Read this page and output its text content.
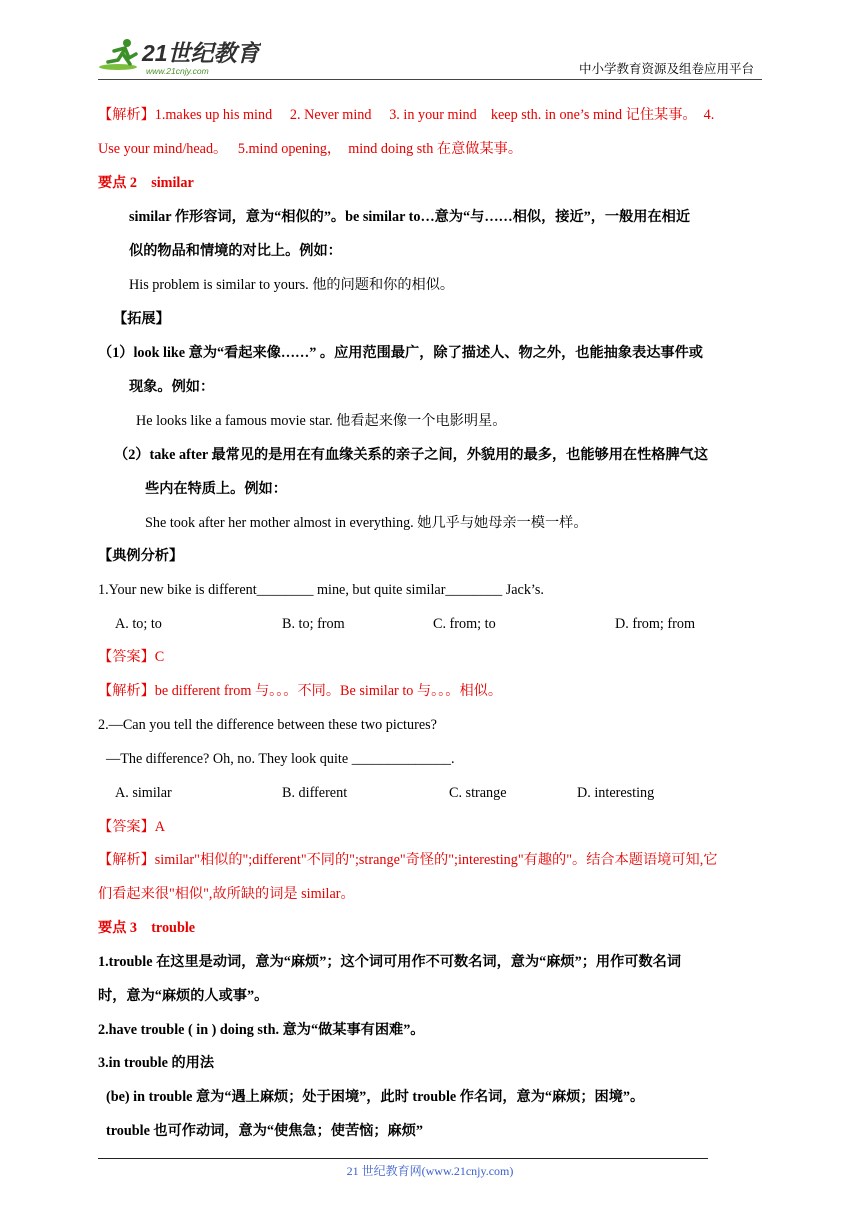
21世纪教育
www.21cnjy.com	中小学教育资源及组卷应用平台
【解析】1.makes up his mind　 2. Never mind　 3. in your mind　keep sth. in one’s mind 记住某事。　4.
Use your mind/head。　 5.mind opening，　mind doing sth 在意做某事。
要点 2　similar
similar 作形容词，意为“相似的”。be similar to…意为“与……相似，接近”，一般用在相近
似的物品和情境的对比上。例如：
His problem is similar to yours. 他的问题和你的相似。
【拓展】
（1）look like 意为“看起来像……” 。应用范围最广，除了描述人、物之外，也能抽象表达事件或
现象。例如：
He looks like a famous movie star. 他看起来像一个电影明星。
（2）take after 最常见的是用在有血缘关系的亲子之间，外貌用的最多，也能够用在性格脾气这
些内在特质上。例如：
She took after her mother almost in everything. 她几乎与她母亲一模一样。
【典例分析】
1.Your new bike is different________ mine, but quite similar________ Jack’s.
A. to; to	B. to; from	C. from; to	D. from; from
【答案】C
【解析】be different from 与。。。不同。Be similar to 与。。。相似。
2.—Can you tell the difference between these two pictures?
—The difference? Oh, no. They look quite ______________.
A. similar	B. different	C. strange	D. interesting
【答案】A
【解析】similar"相似的";different"不同的";strange"奇怪的";interesting"有趣的"。结合本题语境可知,它
们看起来很"相似",故所缺的词是 similar。
要点 3　trouble
1.trouble 在这里是动词，意为“麻烦”；这个词可用作不可数名词，意为“麻烦”；用作可数名词
时，意为“麻烦的人或事”。
2.have trouble ( in ) doing sth. 意为“做某事有困难”。
3.in trouble 的用法
(be) in trouble 意为“遇上麻烦；处于困境”，此时 trouble 作名词，意为“麻烦；困境”。
trouble 也可作动词，意为“使焦急；使苦恼；麻烦”
21 世纪教育网(www.21cnjy.com)
